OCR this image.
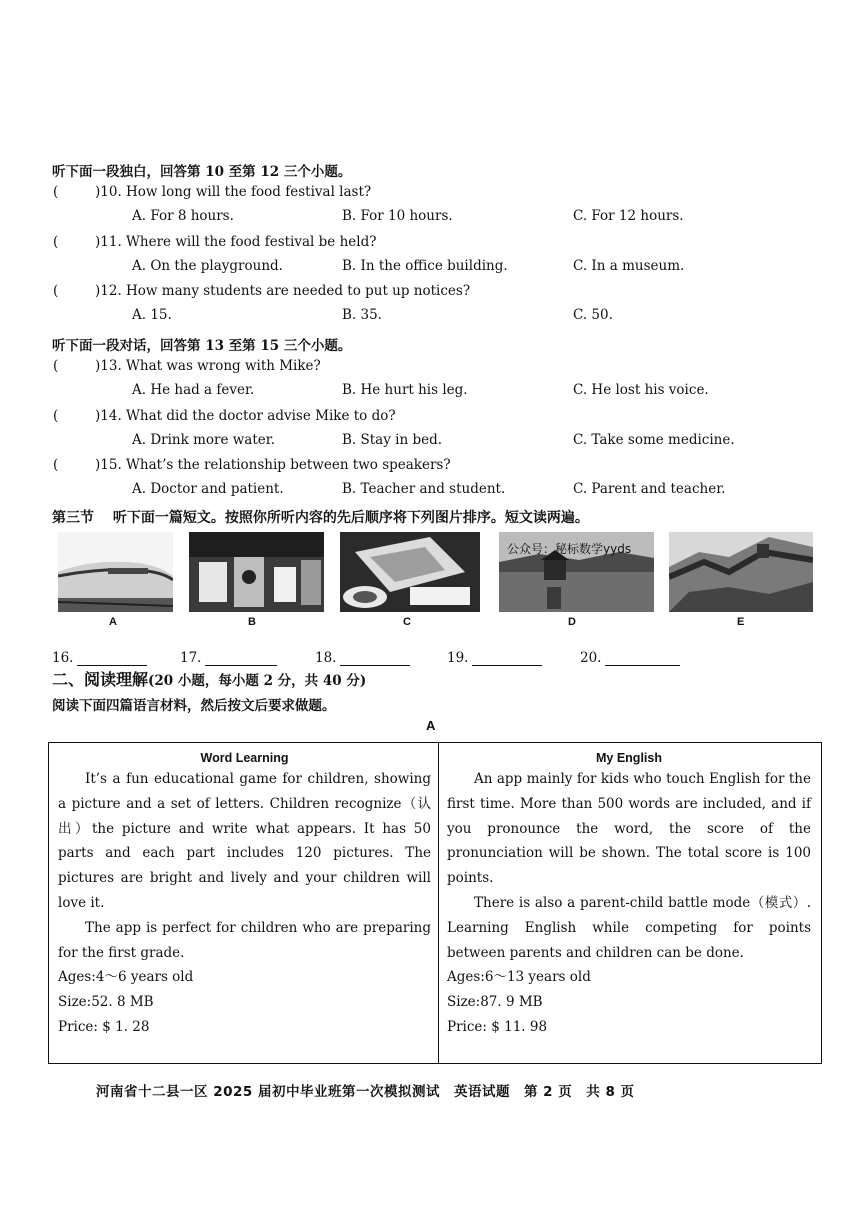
听下面一段独白，回答第 10 至第 12 三个小题。
(	)10. How long will the food festival last?
A. For 8 hours.	B. For 10 hours.	C. For 12 hours.
(	)11. Where will the food festival be held?
A. On the playground.	B. In the office building.	C. In a museum.
(	)12. How many students are needed to put up notices?
A. 15.	B. 35.	C. 50.
(	)13. What was wrong with Mike?
A. He had a fever.	B. He hurt his leg.	C. He lost his voice.
(	)14. What did the doctor advise Mike to do?
A. Drink more water.	B. Stay in bed.	C. Take some medicine.
(	)15. What’s the relationship between two speakers?
A. Doctor and patient.	B. Teacher and student.	C. Parent and teacher.
听下面一段对话，回答第 13 至第 15 三个小题。
第三节 听下面一篇短文。按照你所听内容的先后顺序将下列图片排序。短文读两遍。
公众号：秘标数学yyds
A	B	C	D	E
16.	17.	18.	19.	20.
二、阅读理解(20 小题，每小题 2 分，共 40 分)
阅读下面四篇语言材料，然后按文后要求做题。
A
Word Learning

It’s a fun educational game for children, showing a picture and a set of letters. Children recognize（认出）the picture and write what appears. It has 50 parts and each part includes 120 pictures. The pictures are bright and lively and your children will love it.

The app is perfect for children who are preparing for the first grade.

Ages:4～6 years old

Size:52. 8 MB

Price: $ 1. 28

My English

An app mainly for kids who touch English for the first time. More than 500 words are included, and if you pronounce the word, the score of the pronunciation will be shown. The total score is 100 points.

There is also a parent-child battle mode（模式）. Learning English while competing for points between parents and children can be done.

Ages:6～13 years old

Size:87. 9 MB

Price: $ 11. 98

河南省十二县一区 2025 届初中毕业班第一次模拟测试　英语试题　第 2 页　共 8 页
